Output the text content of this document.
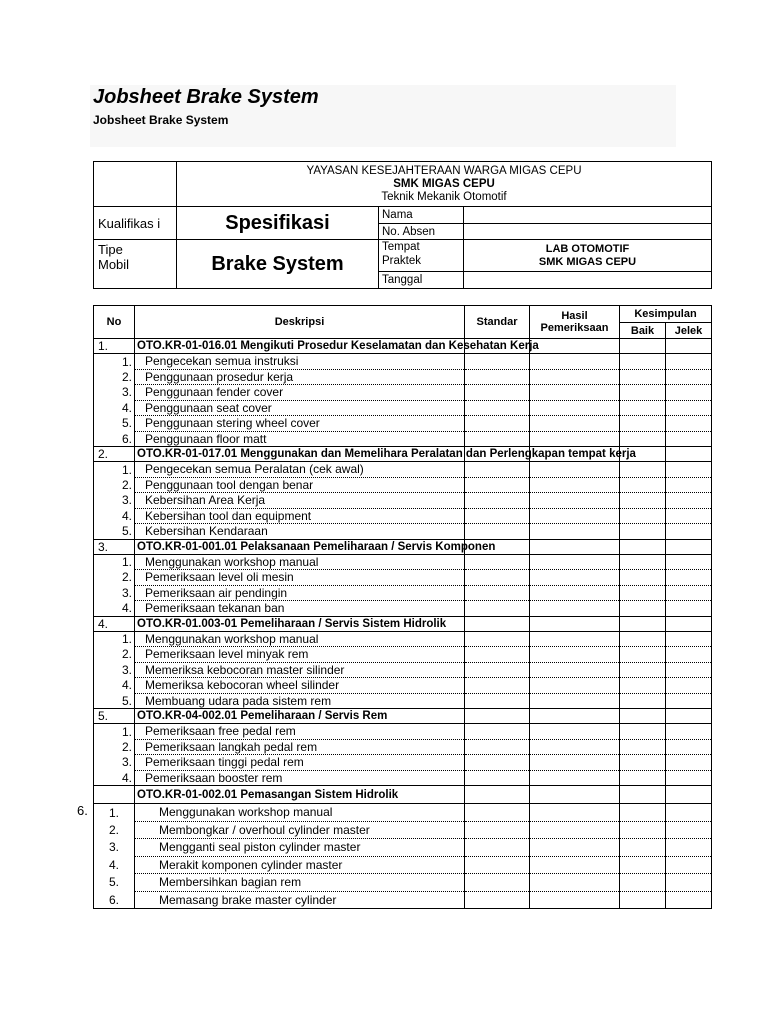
Jobsheet Brake System
Jobsheet Brake System

	YAYASAN KESEJAHTERAAN WARGA MIGAS CEPU
SMK MIGAS CEPU
Teknik Mekanik Otomotif		

Kualifikas i	Spesifikasi	Nama	
		No. Absen	

Tipe Mobil	Brake System	Tempat Praktek	LAB OTOMOTIF
SMK MIGAS CEPU

		Tanggal	
No	Deskripsi	Standar	Hasil Pemeriksaan	Kesimpulan	
				Baik	Jelek
1.	OTO.KR-01-016.01 Mengikuti Prosedur Keselamatan dan Kesehatan Kerja				
1.	Pengecekan semua instruksi				
2.	Penggunaan prosedur kerja				
3.	Penggunaan fender cover				
4.	Penggunaan seat cover				
5.	Penggunaan stering wheel cover				
6.	Penggunaan floor matt				
2.	OTO.KR-01-017.01 Menggunakan dan Memelihara Peralatan dan Perlengkapan tempat kerja				
1.	Pengecekan semua Peralatan (cek awal)				
2.	Penggunaan tool dengan benar				
3.	Kebersihan Area Kerja				
4.	Kebersihan tool dan equipment				
5.	Kebersihan Kendaraan				
3.	OTO.KR-01-001.01 Pelaksanaan Pemeliharaan / Servis Komponen				
1.	Menggunakan workshop manual				
2.	Pemeriksaan level oli mesin				
3.	Pemeriksaan air pendingin				
4.	Pemeriksaan tekanan ban				
4.	OTO.KR-01.003-01 Pemeliharaan / Servis Sistem Hidrolik				
1.	Menggunakan workshop manual				
2.	Pemeriksaan level minyak rem				
3.	Memeriksa kebocoran master silinder				
4.	Memeriksa kebocoran wheel silinder				
5.	Membuang udara pada sistem rem				
5.	OTO.KR-04-002.01 Pemeliharaan / Servis Rem				
1.	Pemeriksaan free pedal rem				
2.	Pemeriksaan langkah pedal rem				
3.	Pemeriksaan tinggi pedal rem				
4.	Pemeriksaan booster rem				
	OTO.KR-01-002.01 Pemasangan Sistem Hidrolik				
1.	Menggunakan workshop manual				
2.	Membongkar / overhoul cylinder master				
3.	Mengganti seal piston cylinder master				
4.	Merakit komponen cylinder master				
5.	Membersihkan bagian rem				
6.	Memasang brake master cylinder				
6.
